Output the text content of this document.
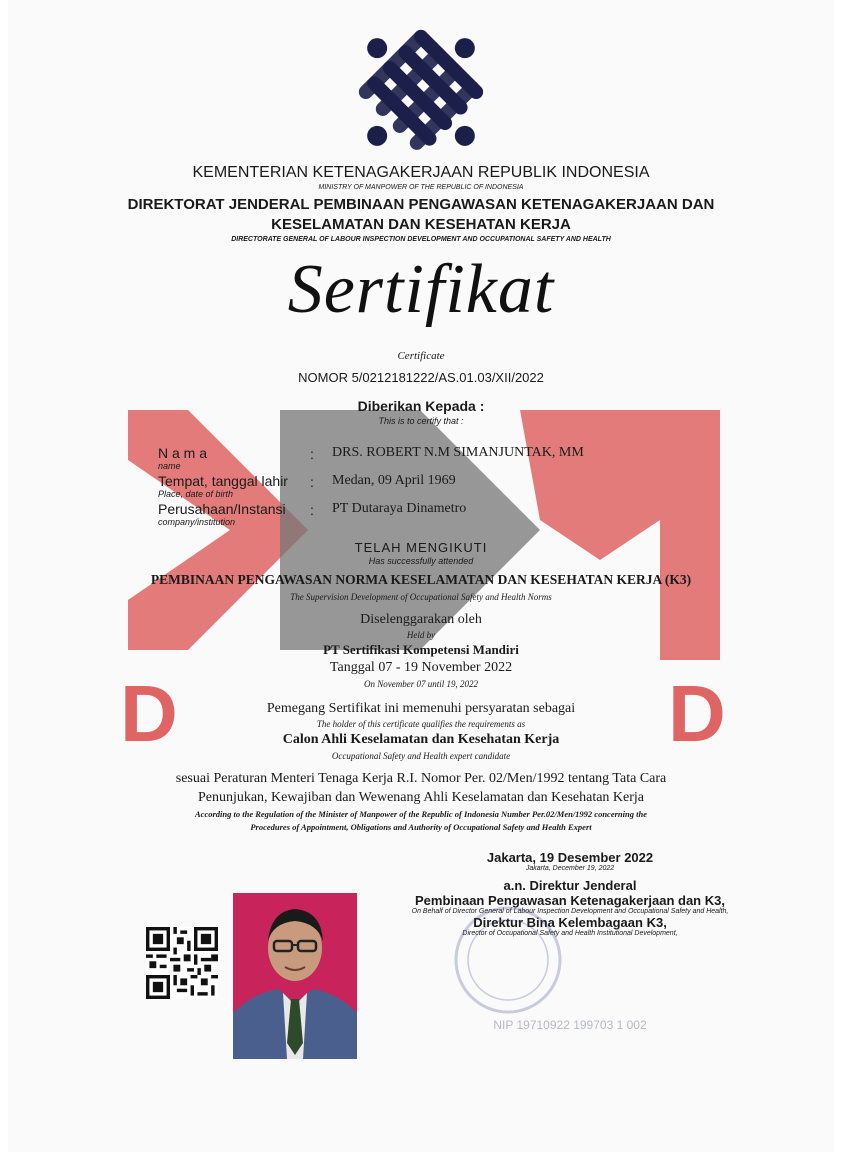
D	D
KEMENTERIAN KETENAGAKERJAAN REPUBLIK INDONESIA
MINISTRY OF MANPOWER OF THE REPUBLIC OF INDONESIA
DIREKTORAT JENDERAL PEMBINAAN PENGAWASAN KETENAGAKERJAAN DAN
KESELAMATAN DAN KESEHATAN KERJA
DIRECTORATE GENERAL OF LABOUR INSPECTION DEVELOPMENT AND OCCUPATIONAL SAFETY AND HEALTH
Sertifikat
Certificate
NOMOR 5/0212181222/AS.01.03/XII/2022
Diberikan Kepada :
This is to certify that :
N a m a
name
: DRS. ROBERT N.M SIMANJUNTAK, MM
Tempat, tanggal lahir
Place, date of birth
: Medan, 09 April 1969
Perusahaan/Instansi
company/institution
: PT Dutaraya Dinametro
TELAH MENGIKUTI
Has successfully attended
PEMBINAAN PENGAWASAN NORMA KESELAMATAN DAN KESEHATAN KERJA (K3)
The Supervision Development of Occupational Safety and Health Norms
Diselenggarakan oleh
Held by
PT Sertifikasi Kompetensi Mandiri
Tanggal 07 - 19 November 2022
On November 07 until 19, 2022
Pemegang Sertifikat ini memenuhi persyaratan sebagai
The holder of this certificate qualifies the requirements as
Calon Ahli Keselamatan dan Kesehatan Kerja
Occupational Safety and Health expert candidate
sesuai Peraturan Menteri Tenaga Kerja R.I. Nomor Per. 02/Men/1992 tentang Tata Cara
Penunjukan, Kewajiban dan Wewenang Ahli Keselamatan dan Kesehatan Kerja
According to the Regulation of the Minister of Manpower of the Republic of Indonesia Number Per.02/Men/1992 concerning the
Procedures of Appointment, Obligations and Authority of Occupational Safety and Health Expert
Jakarta, 19 Desember 2022
Jakarta, December 19, 2022
a.n. Direktur Jenderal
Pembinaan Pengawasan Ketenagakerjaan dan K3,
On Behalf of Director General of Labour Inspection Development and Occupational Safety and Health,
Direktur Bina Kelembagaan K3,
Director of Occupational Safety and Health Institutional Development,
NIP 19710922 199703 1 002
